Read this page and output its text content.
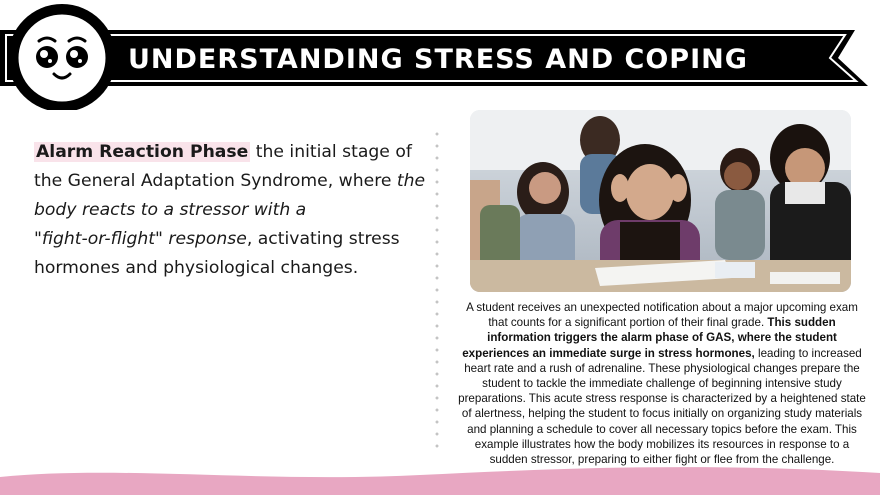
UNDERSTANDING STRESS AND COPING
Alarm Reaction Phase the initial stage of the General Adaptation Syndrome, where the body reacts to a stressor with a
"fight-or-flight" response, activating stress hormones and physiological changes.
A student receives an unexpected notification about a major upcoming exam that counts for a significant portion of their final grade. This sudden information triggers the alarm phase of GAS, where the student experiences an immediate surge in stress hormones, leading to increased heart rate and a rush of adrenaline. These physiological changes prepare the student to tackle the immediate challenge of beginning intensive study preparations. This acute stress response is characterized by a heightened state of alertness, helping the student to focus initially on organizing study materials and planning a schedule to cover all necessary topics before the exam. This example illustrates how the body mobilizes its resources in response to a sudden stressor, preparing to either fight or flee from the challenge.
